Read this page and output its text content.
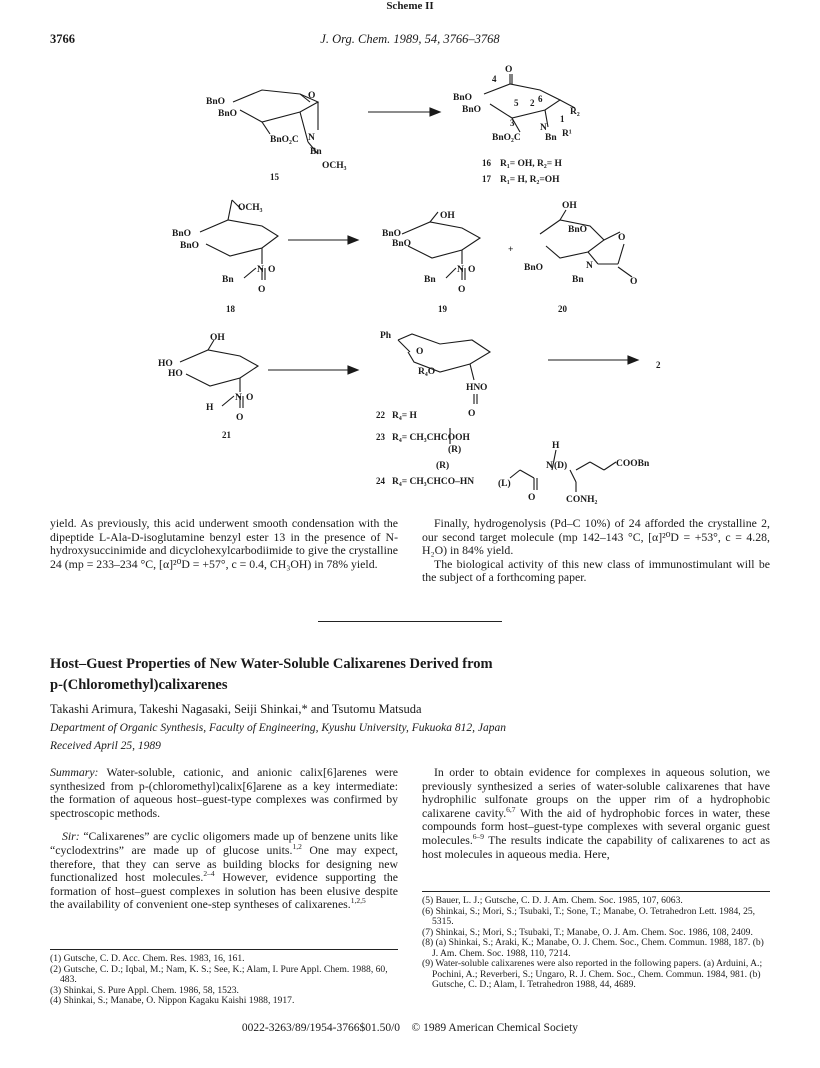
3766	J. Org. Chem. 1989, 54, 3766–3768
Scheme II
BnO
BnO
O
BnO₂C N
Bn
OCH₃
15
4
O
BnO
BnO
6
2
5
R₂
3	1
BnO₂C
N
Bn R¹
16 R₁= OH, R₂= H
17 R₁= H, R₂=OH
OCH₃
BnO
BnO
N O
Bn
O
18
OH
BnO
BnO
N O
Bn
O
19
+
OH
BnO
O
BnO	N
Bn	O
20
OH
HO
HO
N O
H
O
21
Ph
O
R₄O
HN O
O
22 R₄= H
23 R₄= CH₃CHCOOH
(R)
(R)
H
24 R₄= CH₃CHCO–HN	(L)
N (D)	COOBn
O	CONH₂
2

yield. As previously, this acid underwent smooth condensation with the dipeptide L-Ala-D-isoglutamine benzyl ester 13 in the presence of N-hydroxysuccinimide and dicyclohexylcarbodiimide to give the crystalline 24 (mp = 233–234 °C, [α]²⁰D = +57°, c = 0.4, CH₃OH) in 78% yield.

Finally, hydrogenolysis (Pd–C 10%) of 24 afforded the crystalline 2, our second target molecule (mp 142–143 °C, [α]²⁰D = +53°, c = 4.28, H₂O) in 84% yield.

The biological activity of this new class of immunostimulant will be the subject of a forthcoming paper.

Host–Guest Properties of New Water-Soluble Calixarenes Derived from
p-(Chloromethyl)calixarenes
Takashi Arimura, Takeshi Nagasaki, Seiji Shinkai,* and Tsutomu Matsuda
Department of Organic Synthesis, Faculty of Engineering, Kyushu University, Fukuoka 812, Japan
Received April 25, 1989

Summary: Water-soluble, cationic, and anionic calix[6]arenes were synthesized from p-(chloromethyl)calix[6]arene as a key intermediate: the formation of aqueous host–guest-type complexes was confirmed by spectroscopic methods.

Sir: “Calixarenes” are cyclic oligomers made up of benzene units like “cyclodextrins” are made up of glucose units.$^{1,2}$ One may expect, therefore, that they can serve as building blocks for designing new functionalized host molecules.$^{2-4}$ However, evidence supporting the formation of host–guest complexes in solution has been elusive despite the availability of convenient one-step syntheses of calixarenes.$^{1,2,5}$

In order to obtain evidence for complexes in aqueous solution, we previously synthesized a series of water-soluble calixarenes that have hydrophilic sulfonate groups on the upper rim of a hydrophobic calixarene cavity.$^{6,7}$ With the aid of hydrophobic forces in water, these compounds form host–guest-type complexes with several organic guest molecules.$^{6-9}$ The results indicate the capability of calixarenes to act as host molecules in aqueous media. Here,

(1) Gutsche, C. D. Acc. Chem. Res. 1983, 16, 161.
(2) Gutsche, C. D.; Iqbal, M.; Nam, K. S.; See, K.; Alam, I. Pure Appl. Chem. 1988, 60, 483.
(3) Shinkai, S. Pure Appl. Chem. 1986, 58, 1523.
(4) Shinkai, S.; Manabe, O. Nippon Kagaku Kaishi 1988, 1917.
(5) Bauer, L. J.; Gutsche, C. D. J. Am. Chem. Soc. 1985, 107, 6063.
(6) Shinkai, S.; Mori, S.; Tsubaki, T.; Sone, T.; Manabe, O. Tetrahedron Lett. 1984, 25, 5315.
(7) Shinkai, S.; Mori, S.; Tsubaki, T.; Manabe, O. J. Am. Chem. Soc. 1986, 108, 2409.
(8) (a) Shinkai, S.; Araki, K.; Manabe, O. J. Chem. Soc., Chem. Commun. 1988, 187. (b) J. Am. Chem. Soc. 1988, 110, 7214.
(9) Water-soluble calixarenes were also reported in the following papers. (a) Arduini, A.; Pochini, A.; Reverberi, S.; Ungaro, R. J. Chem. Soc., Chem. Commun. 1984, 981. (b) Gutsche, C. D.; Alam, I. Tetrahedron 1988, 44, 4689.
0022-3263/89/1954-3766$01.50/0 © 1989 American Chemical Society
